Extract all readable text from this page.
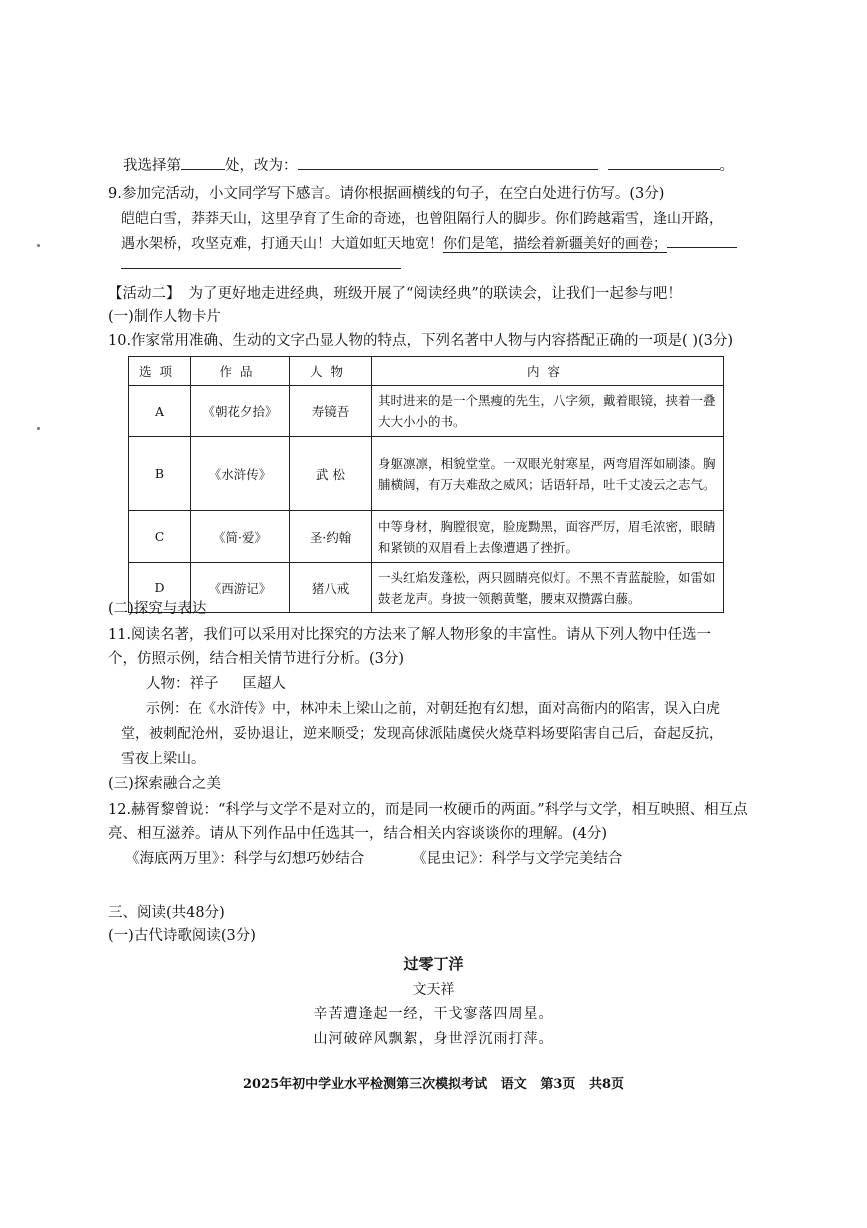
我选择第	处，改为：	。
9.参加完活动，小文同学写下感言。请你根据画横线的句子，在空白处进行仿写。(3分)
皑皑白雪，莽莽天山，这里孕育了生命的奇迹，也曾阻隔行人的脚步。你们跨越霜雪，逢山开路，
遇水架桥，攻坚克难，打通天山！大道如虹天地宽！你们是笔，描绘着新疆美好的画卷；
【活动二】 为了更好地走进经典，班级开展了“阅读经典”的联读会，让我们一起参与吧！
(一)制作人物卡片
10.作家常用准确、生动的文字凸显人物的特点，下列名著中人物与内容搭配正确的一项是( )(3分)
选项	作品	人物	内容
A	《朝花夕拾》	寿镜吾	其时进来的是一个黑瘦的先生，八字须，戴着眼镜，挟着一叠大大小小的书。
B	《水浒传》	武 松	身躯凛凛，相貌堂堂。一双眼光射寒星，两弯眉浑如刷漆。胸脯横阔，有万夫难敌之威风；话语轩昂，吐千丈凌云之志气。
C	《简·爱》	圣·约翰	中等身材，胸膛很宽，脸庞黝黑，面容严厉，眉毛浓密，眼睛和紧锁的双眉看上去像遭遇了挫折。
D	《西游记》	猪八戒	一头红焰发蓬松，两只圆睛亮似灯。不黑不青蓝靛脸，如雷如鼓老龙声。身披一领鹅黄氅，腰束双攒露白藤。
(二)探究与表达
11.阅读名著，我们可以采用对比探究的方法来了解人物形象的丰富性。请从下列人物中任选一
个，仿照示例，结合相关情节进行分析。(3分)
人物：祥子 匡超人
示例：在《水浒传》中，林冲未上梁山之前，对朝廷抱有幻想，面对高衙内的陷害，误入白虎
堂，被刺配沧州，妥协退让，逆来顺受；发现高俅派陆虞侯火烧草料场要陷害自己后，奋起反抗，
雪夜上梁山。
(三)探索融合之美
12.赫胥黎曾说：“科学与文学不是对立的，而是同一枚硬币的两面。”科学与文学，相互映照、相互点
亮、相互滋养。请从下列作品中任选其一，结合相关内容谈谈你的理解。(4分)
《海底两万里》：科学与幻想巧妙结合	《昆虫记》：科学与文学完美结合
三、阅读(共48分)
(一)古代诗歌阅读(3分)
过零丁洋
文天祥
辛苦遭逢起一经，干戈寥落四周星。
山河破碎风飘絮，身世浮沉雨打萍。
2025年初中学业水平检测第三次模拟考试   语文   第3页   共8页
